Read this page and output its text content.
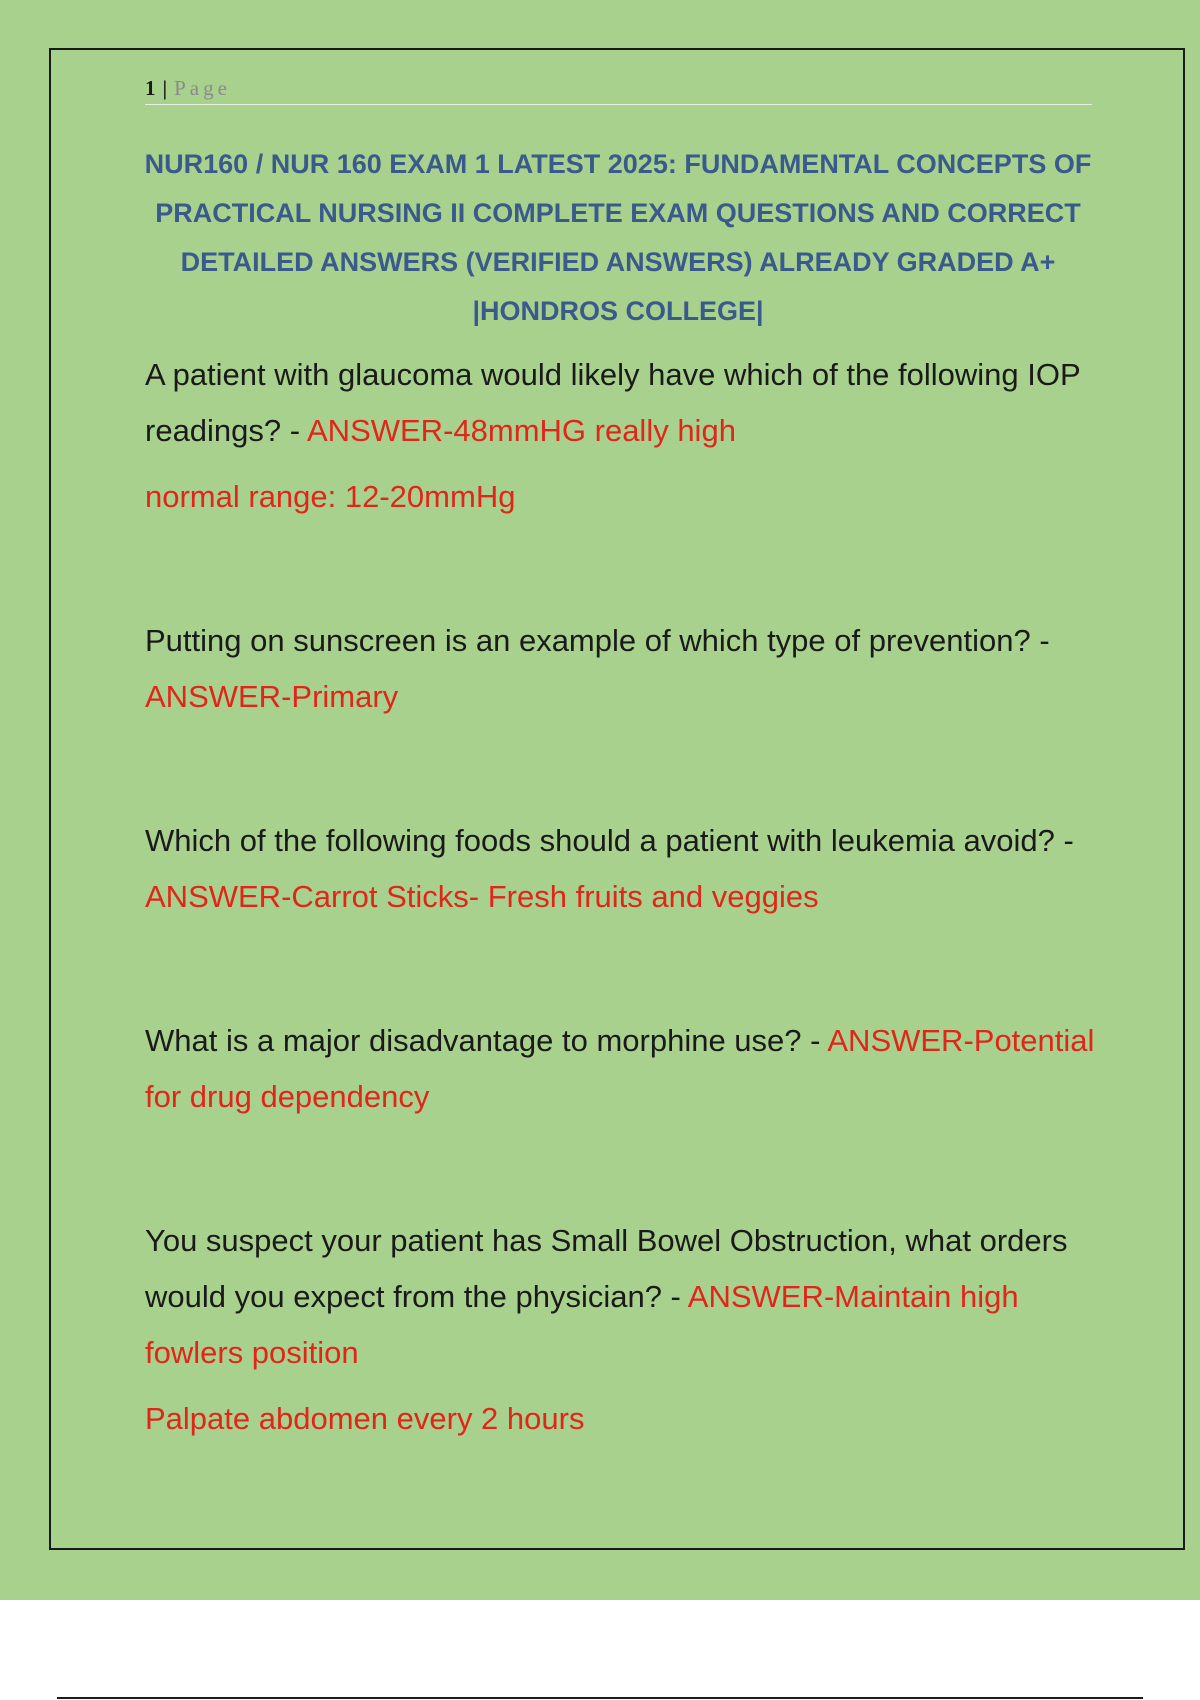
1 | Page
NUR160 / NUR 160 EXAM 1 LATEST 2025: FUNDAMENTAL CONCEPTS OF PRACTICAL NURSING II COMPLETE EXAM QUESTIONS AND CORRECT DETAILED ANSWERS (VERIFIED ANSWERS) ALREADY GRADED A+ |HONDROS COLLEGE|

A patient with glaucoma would likely have which of the following IOP readings? - ANSWER-48mmHG really high

normal range: 12-20mmHg

Putting on sunscreen is an example of which type of prevention? - ANSWER-Primary

Which of the following foods should a patient with leukemia avoid? - ANSWER-Carrot Sticks- Fresh fruits and veggies

What is a major disadvantage to morphine use? - ANSWER-Potential for drug dependency

You suspect your patient has Small Bowel Obstruction, what orders would you expect from the physician? - ANSWER-Maintain high fowlers position

Palpate abdomen every 2 hours
